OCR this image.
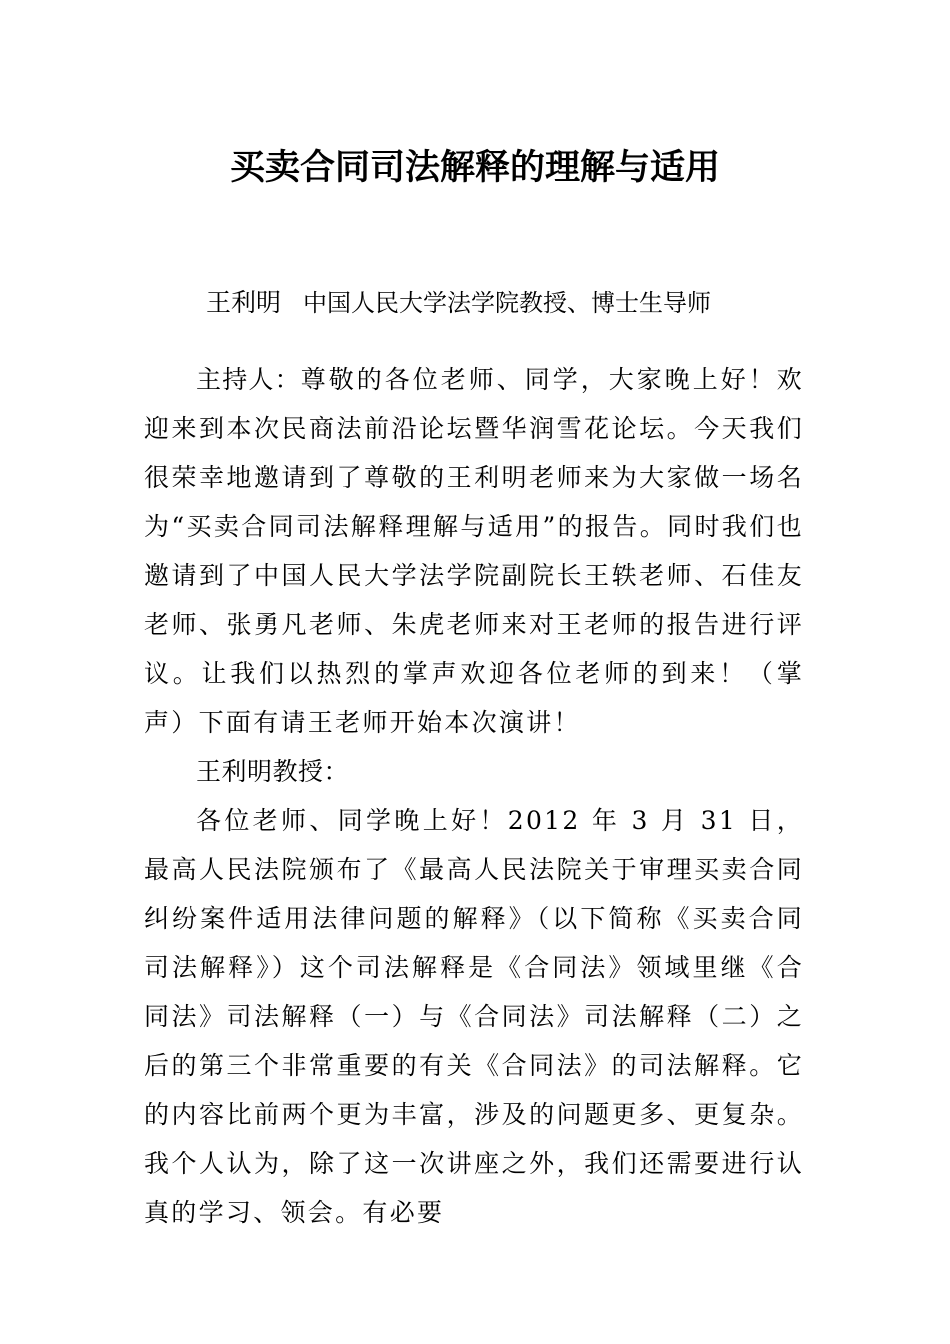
买卖合同司法解释的理解与适用
王利明 中国人民大学法学院教授、博士生导师

主持人：尊敬的各位老师、同学，大家晚上好！欢迎来到本次民商法前沿论坛暨华润雪花论坛。今天我们很荣幸地邀请到了尊敬的王利明老师来为大家做一场名为“买卖合同司法解释理解与适用”的报告。同时我们也邀请到了中国人民大学法学院副院长王轶老师、石佳友老师、张勇凡老师、朱虎老师来对王老师的报告进行评议。让我们以热烈的掌声欢迎各位老师的到来！（掌声）下面有请王老师开始本次演讲！

王利明教授：

各位老师、同学晚上好！2012 年 3 月 31 日，最高人民法院颁布了《最高人民法院关于审理买卖合同纠纷案件适用法律问题的解释》（以下简称《买卖合同司法解释》）这个司法解释是《合同法》领域里继《合同法》司法解释（一）与《合同法》司法解释（二）之后的第三个非常重要的有关《合同法》的司法解释。它的内容比前两个更为丰富，涉及的问题更多、更复杂。我个人认为，除了这一次讲座之外，我们还需要进行认真的学习、领会。有必要
